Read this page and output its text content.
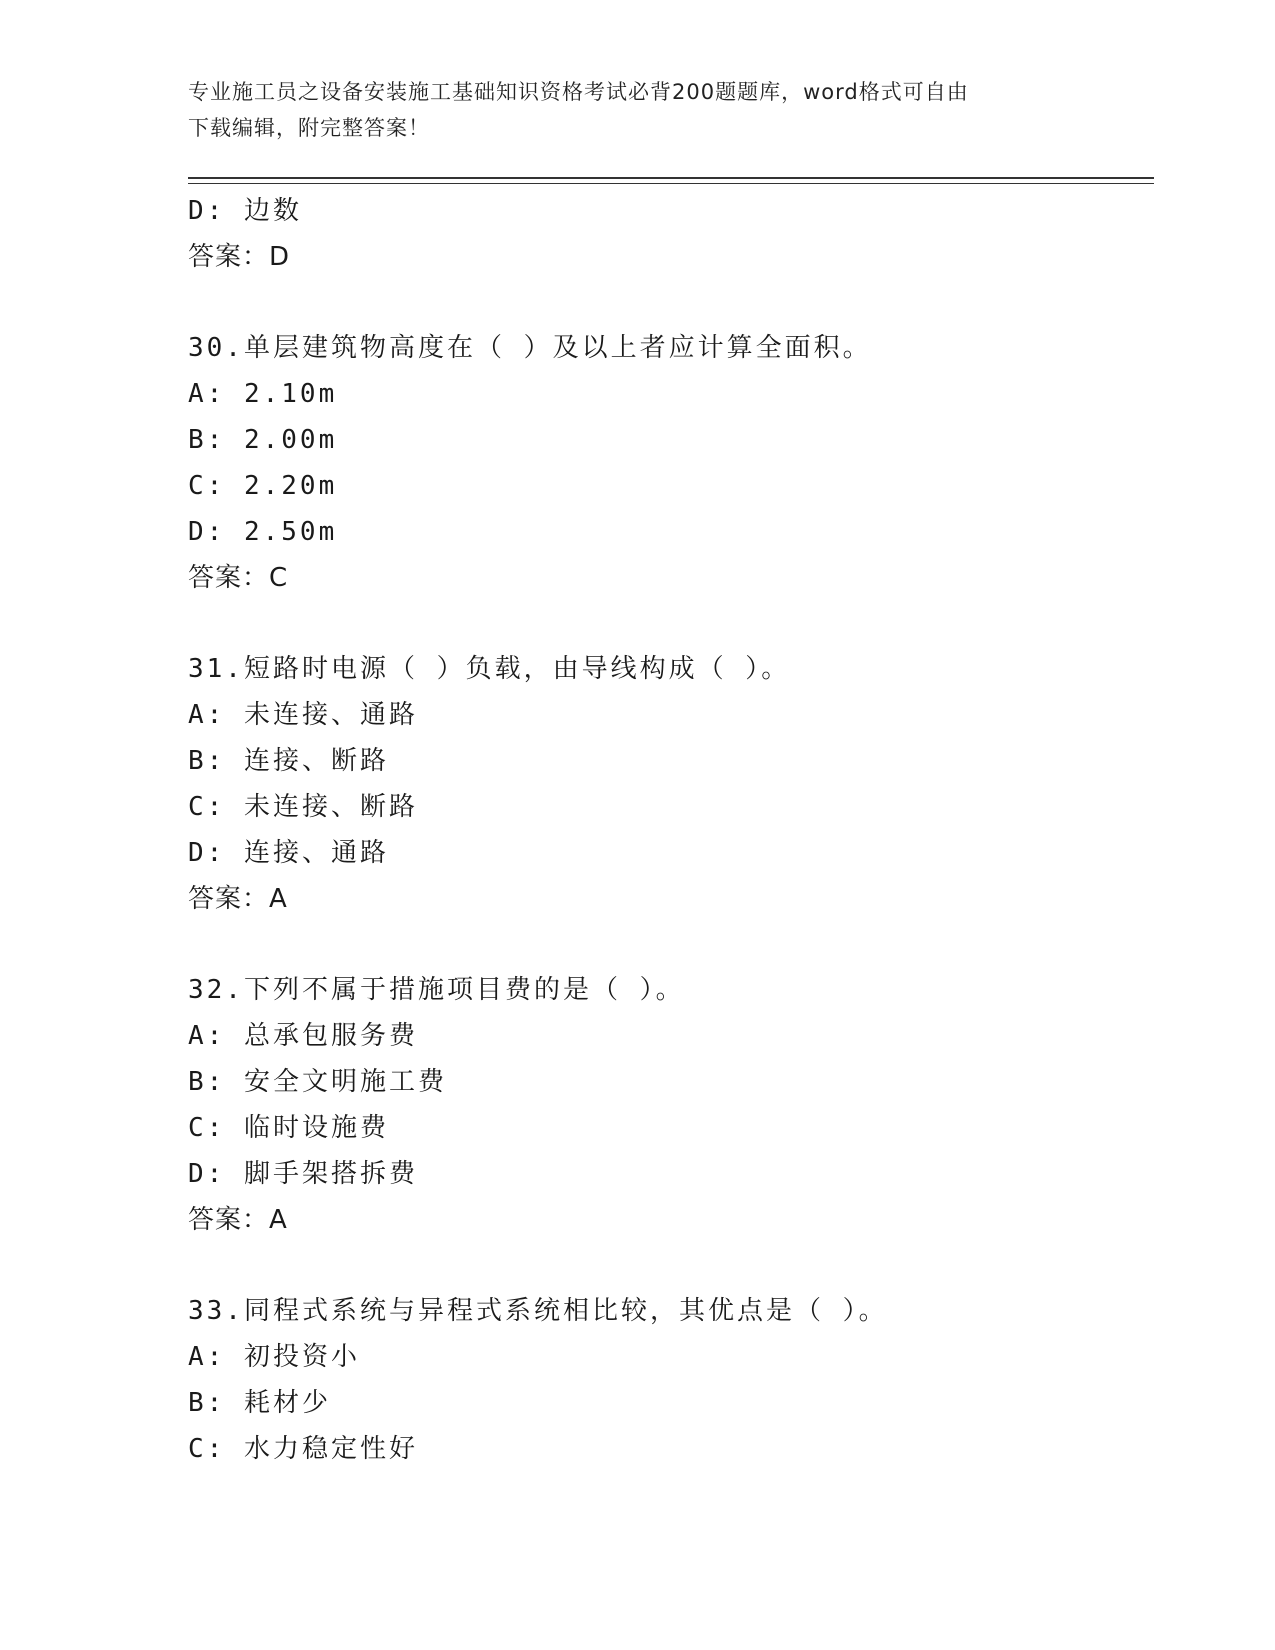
专业施工员之设备安装施工基础知识资格考试必背200题题库，word格式可自由
下载编辑，附完整答案！
D: 边数
答案：D
30.单层建筑物高度在（ ）及以上者应计算全面积。
A: 2.10m
B: 2.00m
C: 2.20m
D: 2.50m
答案：C
31.短路时电源（ ）负载，由导线构成（ ）。
A: 未连接、通路
B: 连接、断路
C: 未连接、断路
D: 连接、通路
答案：A
32.下列不属于措施项目费的是（ ）。
A: 总承包服务费
B: 安全文明施工费
C: 临时设施费
D: 脚手架搭拆费
答案：A
33.同程式系统与异程式系统相比较，其优点是（ ）。
A: 初投资小
B: 耗材少
C: 水力稳定性好
